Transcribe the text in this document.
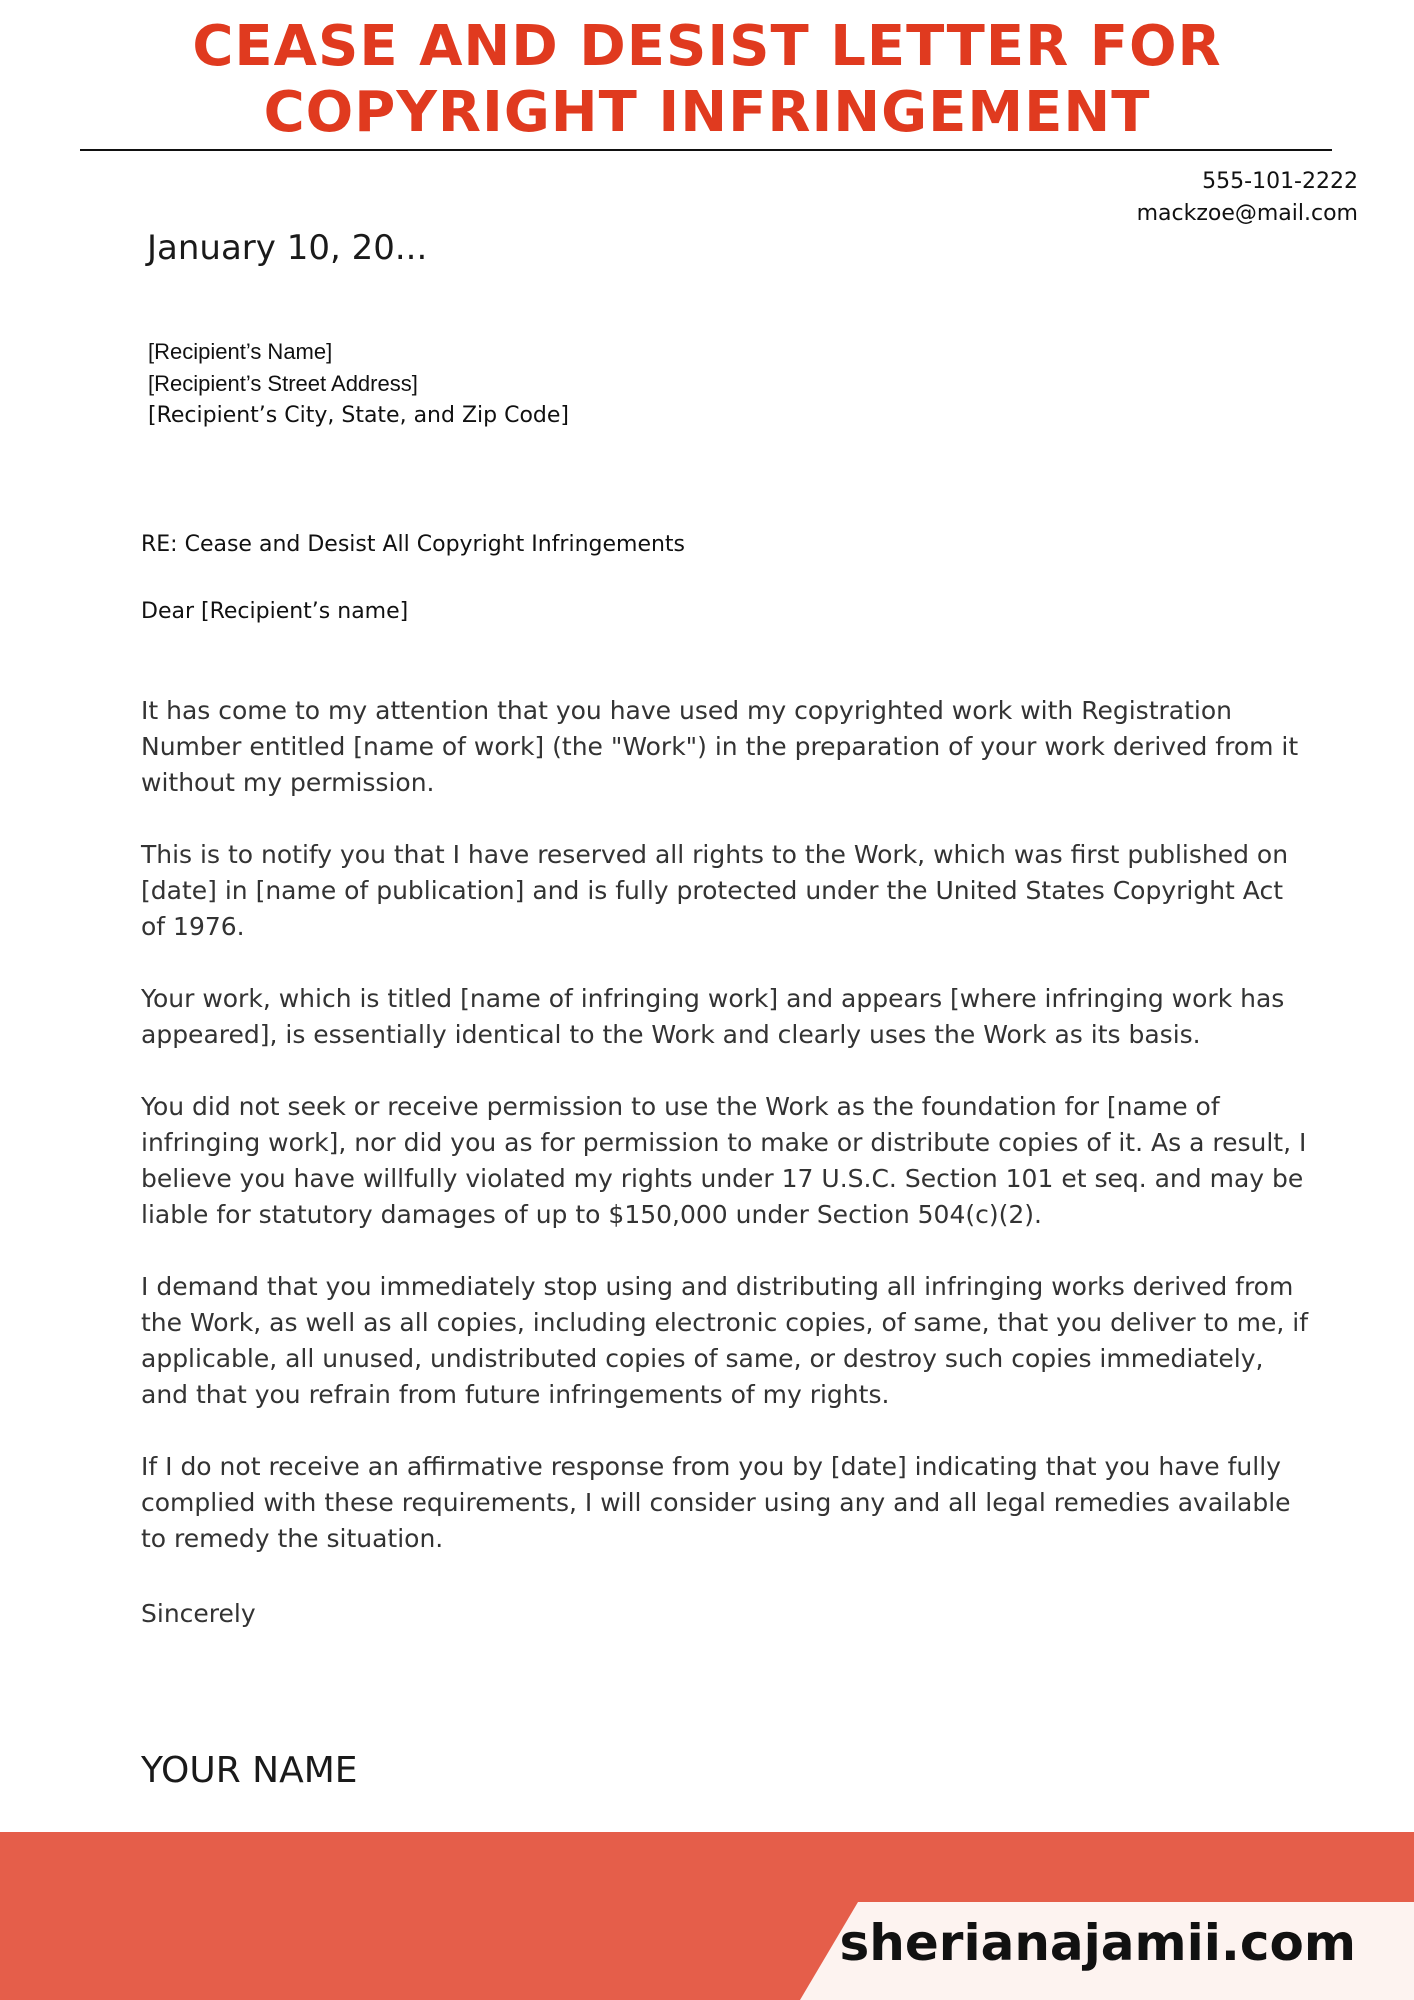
CEASE AND DESIST LETTER FOR
COPYRIGHT INFRINGEMENT
555-101-2222
mackzoe@mail.com
January 10, 20...
[Recipient’s Name]
[Recipient’s Street Address]
[Recipient’s City, State, and Zip Code]
RE: Cease and Desist All Copyright Infringements
Dear [Recipient’s name]

It has come to my attention that you have used my copyrighted work with Registration
Number entitled [name of work] (the "Work") in the preparation of your work derived from it
without my permission.

This is to notify you that I have reserved all rights to the Work, which was first published on
[date] in [name of publication] and is fully protected under the United States Copyright Act
of 1976.

Your work, which is titled [name of infringing work] and appears [where infringing work has
appeared], is essentially identical to the Work and clearly uses the Work as its basis.

You did not seek or receive permission to use the Work as the foundation for [name of
infringing work], nor did you as for permission to make or distribute copies of it. As a result, I
believe you have willfully violated my rights under 17 U.S.C. Section 101 et seq. and may be
liable for statutory damages of up to $150,000 under Section 504(c)(2).

I demand that you immediately stop using and distributing all infringing works derived from
the Work, as well as all copies, including electronic copies, of same, that you deliver to me, if
applicable, all unused, undistributed copies of same, or destroy such copies immediately,
and that you refrain from future infringements of my rights.

If I do not receive an affirmative response from you by [date] indicating that you have fully
complied with these requirements, I will consider using any and all legal remedies available
to remedy the situation.

Sincerely
YOUR NAME
sherianajamii.com
